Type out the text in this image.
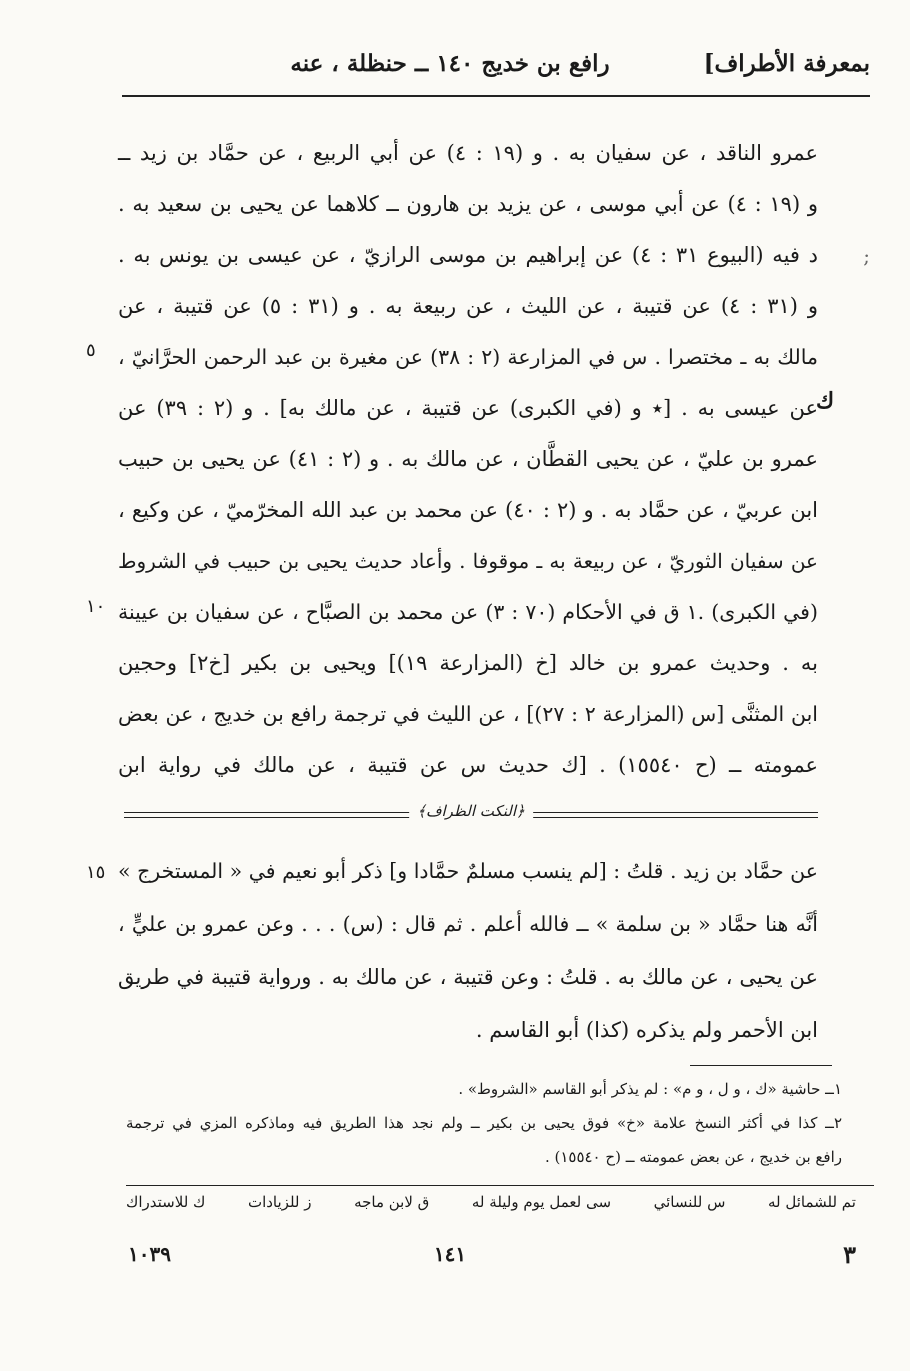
بمعرفة الأطراف]
رافع بن خديج ١٤٠ ــ حنظلة ، عنه
عمرو الناقد ، عن سفيان به . و (١٩ : ٤) عن أبي الربيع ، عن حمَّاد بن زيد ــ
و (١٩ : ٤) عن أبي موسى ، عن يزيد بن هارون ــ كلاهما عن يحيى بن سعيد به .
د فيه (البيوع ٣١ : ٤) عن إبراهيم بن موسى الرازيّ ، عن عيسى بن يونس به .
و (٣١ : ٤) عن قتيبة ، عن الليث ، عن ربيعة به . و (٣١ : ٥) عن قتيبة ، عن
مالك به ـ مختصرا . س في المزارعة (٢ : ٣٨) عن مغيرة بن عبد الرحمن الحرَّانيّ ،
عن عيسى به . [٭ و (في الكبرى) عن قتيبة ، عن مالك به] . و (٢ : ٣٩) عن
عمرو بن عليّ ، عن يحيى القطَّان ، عن مالك به . و (٢ : ٤١) عن يحيى بن حبيب
ابن عربيّ ، عن حمَّاد به . و (٢ : ٤٠) عن محمد بن عبد الله المخرّميّ ، عن وكيع ،
عن سفيان الثوريّ ، عن ربيعة به ـ موقوفا . وأعاد حديث يحيى بن حبيب في الشروط
(في الكبرى) .١ ق في الأحكام (٧٠ : ٣) عن محمد بن الصبَّاح ، عن سفيان بن عيينة
به . وحديث عمرو بن خالد [خ (المزارعة ١٩)] ويحيى بن بكير [خ٢] وحجين
ابن المثنَّى [س (المزارعة ٢ : ٢٧)] ، عن الليث في ترجمة رافع بن خديج ، عن بعض
عمومته ــ (ح ١٥٥٤٠) . [ك حديث س عن قتيبة ، عن مالك في رواية ابن
;
٥
ك
١٠
﴿النكت الظراف﴾
عن حمَّاد بن زيد . قلتُ : [لم ينسب مسلمٌ حمَّادا و] ذكر أبو نعيم في « المستخرج »
أنَّه هنا حمَّاد « بن سلمة » ــ فالله أعلم . ثم قال : (س) . . . وعن عمرو بن عليٍّ ،
عن يحيى ، عن مالك به . قلتُ : وعن قتيبة ، عن مالك به . ورواية قتيبة في طريق
ابن الأحمر ولم يذكره (كذا) أبو القاسم .
١٥
١ــ حاشية «ك ، و ل ، و م» : لم يذكر أبو القاسم «الشروط» .
٢ــ كذا في أكثر النسخ علامة «خ» فوق يحيى بن بكير ــ ولم نجد هذا الطريق فيه وماذكره المزي في ترجمة
رافع بن خديج ، عن بعض عمومته ــ (ح ١٥٥٤٠) .
تم للشمائل له
س للنسائي
سى لعمل يوم وليلة له
ق لابن ماجه
ز للزيادات
ك للاستدراك
٣
١٤١
١٠٣٩
